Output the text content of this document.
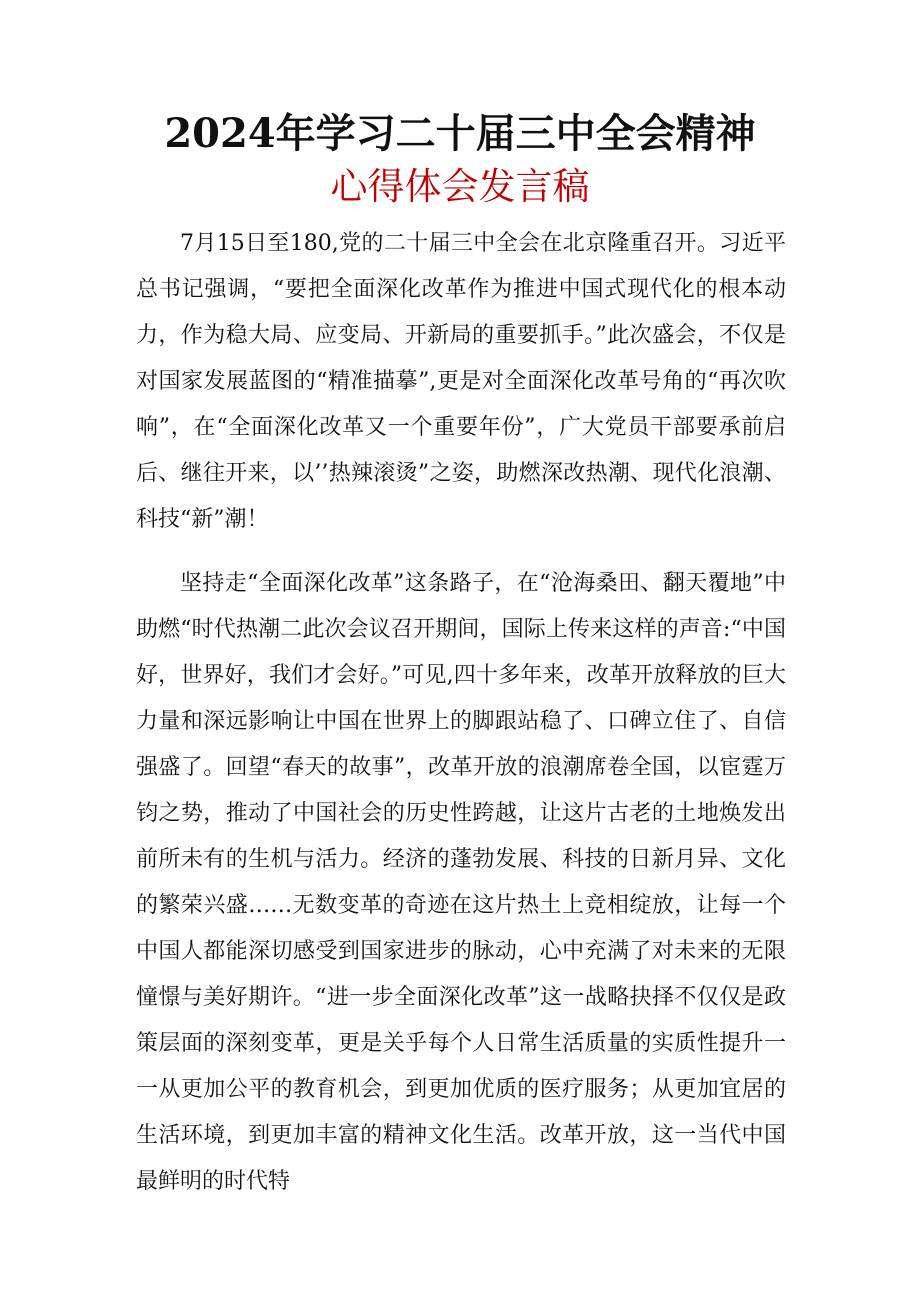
2024年学习二十届三中全会精神
心得体会发言稿

7月15日至180,党的二十届三中全会在北京隆重召开。习近平总书记强调，“要把全面深化改革作为推进中国式现代化的根本动力，作为稳大局、应变局、开新局的重要抓手。”此次盛会，不仅是对国家发展蓝图的“精准描摹”,更是对全面深化改革号角的“再次吹响”，在“全面深化改革又一个重要年份”，广大党员干部要承前启后、继往开来，以’’热辣滚烫”之姿，助燃深改热潮、现代化浪潮、科技“新”潮！

坚持走“全面深化改革”这条路子，在“沧海桑田、翻天覆地”中助燃“时代热潮二此次会议召开期间，国际上传来这样的声音:“中国好，世界好，我们才会好。”可见,四十多年来，改革开放释放的巨大力量和深远影响让中国在世界上的脚跟站稳了、口碑立住了、自信强盛了。回望“春天的故事”，改革开放的浪潮席卷全国，以宦霆万钧之势，推动了中国社会的历史性跨越，让这片古老的土地焕发出前所未有的生机与活力。经济的蓬勃发展、科技的日新月异、文化的繁荣兴盛……无数变革的奇迹在这片热土上竞相绽放，让每一个中国人都能深切感受到国家进步的脉动，心中充满了对未来的无限憧憬与美好期许。“进一步全面深化改革”这一战略抉择不仅仅是政策层面的深刻变革，更是关乎每个人日常生活质量的实质性提升一一从更加公平的教育机会，到更加优质的医疗服务；从更加宜居的生活环境，到更加丰富的精神文化生活。改革开放，这一当代中国最鲜明的时代特
